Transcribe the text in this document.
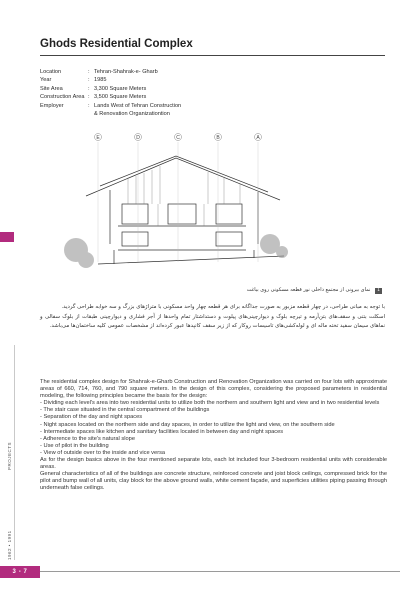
Ghods Residential Complex
Location	: Tehran-Shahrak-e- Gharb
Year	: 1985
Site Area	: 3,300 Square Meters
Construction Area : 3,500 Square Meters
Employer	: Lands West of Tehran Construction
& Renovation Organizationtion
E	D	C	B	A
1 نمای بیرونی از مجتمع داخلی نور قطعه مسکونی روی بیاغت

با توجه به مبانی طراحی، در چهار قطعه مزبور به صورت جداگانه برای هر قطعه چهار واحد مسکونی با متراژهای بزرگ و سه خوابه طراحی گردید.

اسکلت بتنی و سقف‌های بتن‌آرمه و تیرچه بلوک و دیوارچینی‌های پیلوت و دستداشتار تمام واحدها از آجر فشاری و دیوارچینی طبقات از بلوک سفالی و نماهای سیمان سفید تخته ماله ای و لوله‌کشی‌های تاسیسات روکار که از زیر سقف کانپدها عبور کرده‌اند از مشخصات عمومی کلیه ساختمان‌ها می‌باشد.

The residential complex design for Shahrak-e-Gharb Construction and Renovation Organization was carried on four lots with approximate areas of 660, 714, 760, and 790 square meters. In the design of this complex, considering the proposed parameters in residential modeling, the following principles became the basis for the design:

- Dividing each level's area into two residential units to utilize both the northern and southern light and view and in two residential levels

- The stair case situated in the central compartment of the buildings

- Separation of the day and night spaces

- Night spaces located on the northern side and day spaces, in order to utilize the light and view, on the southern side

- Intermediate spaces like kitchen and sanitary facilities located in between day and night spaces

- Adherence to the site's natural slope

- Use of pilot in the building

- View of outside over to the inside and vice versa

As for the design basics above in the four mentioned separate lots, each lot included four 3-bedroom residential units with considerable areas.

General characteristics of all of the buildings are concrete structure, reinforced concrete and joist block ceilings, compressed brick for the pilot and bump wall of all units, clay block for the above ground walls, white cement façade, and superficies utilities piping passing through underneath false ceilings.

1962 • 1991
PROJECTS
3 - 7
